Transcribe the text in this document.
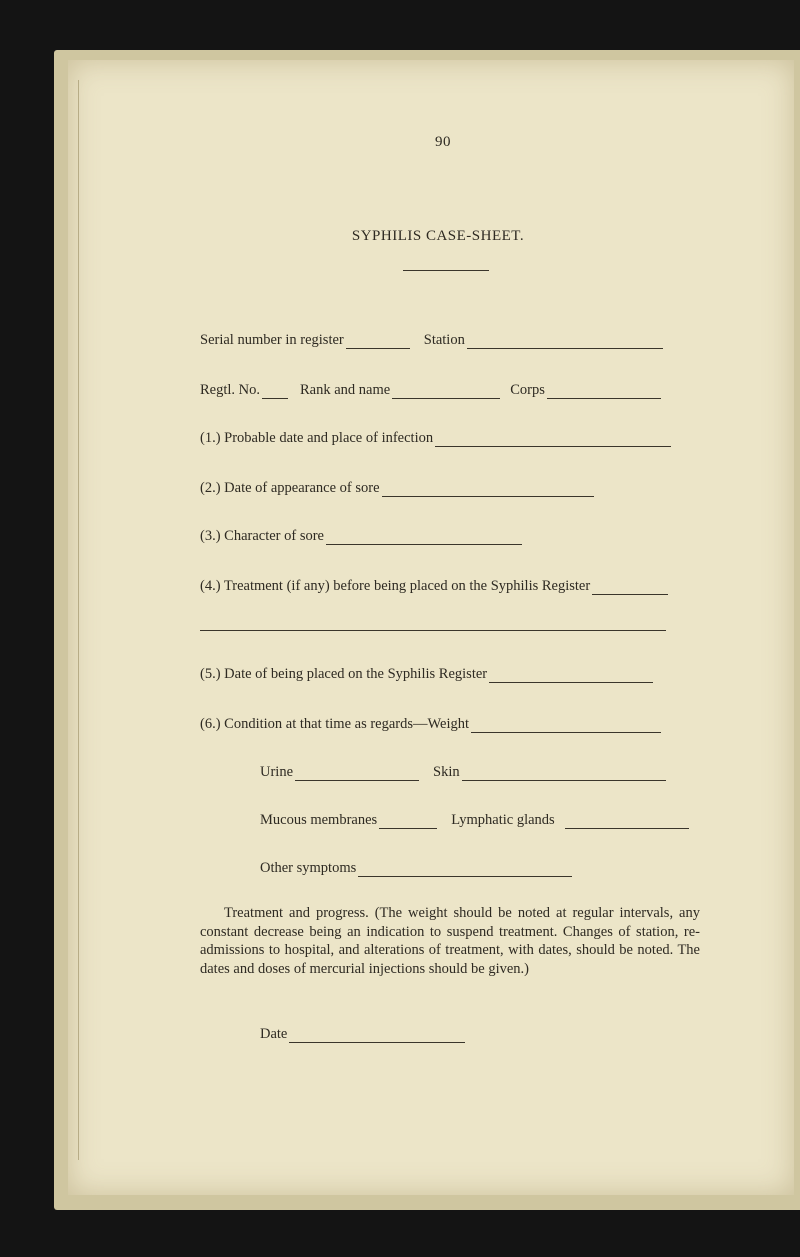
90
SYPHILIS CASE-SHEET.
Serial number in register	Station
Regtl. No.	Rank and name	Corps
(1.) Probable date and place of infection
(2.) Date of appearance of sore
(3.) Character of sore
(4.) Treatment (if any) before being placed on the Syphilis Register
(5.) Date of being placed on the Syphilis Register
(6.) Condition at that time as regards—Weight
Urine	Skin
Mucous membranes	Lymphatic glands
Other symptoms
Treatment and progress. (The weight should be noted at regular intervals, any constant decrease being an indication to suspend treatment. Changes of station, re-admissions to hospital, and alterations of treatment, with dates, should be noted. The dates and doses of mercurial injections should be given.)
Date
